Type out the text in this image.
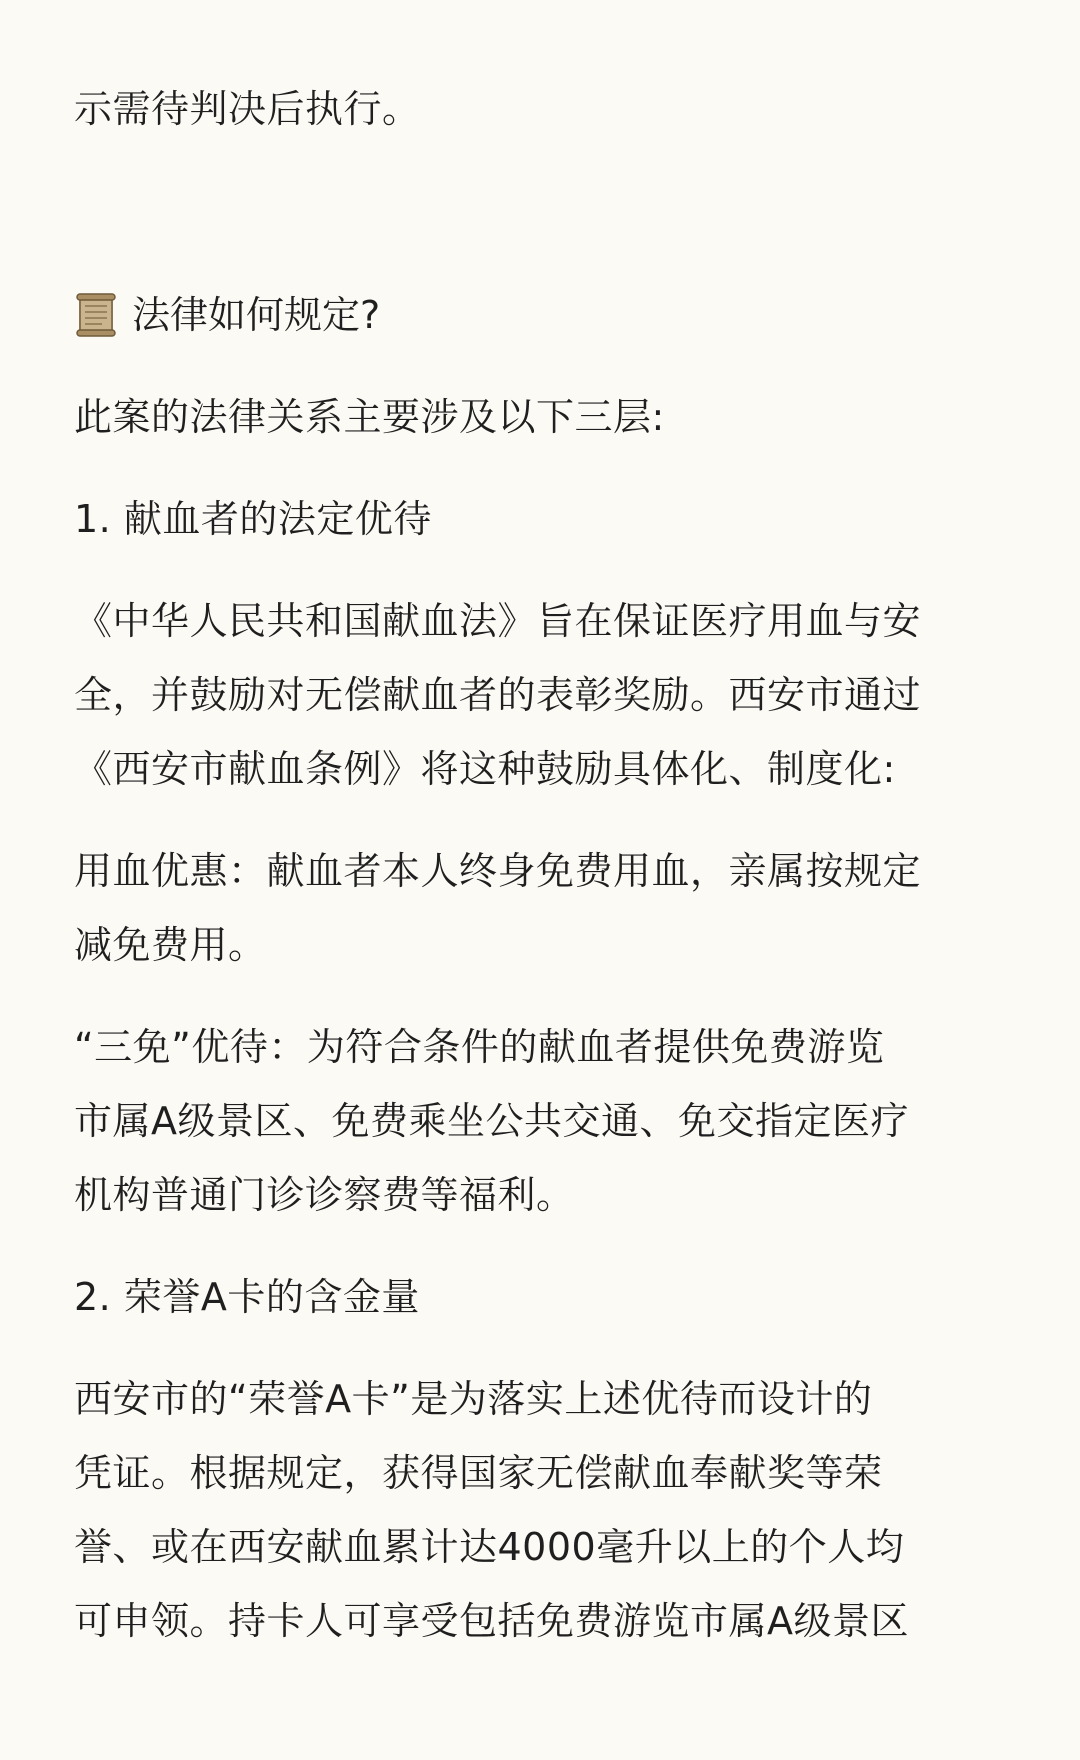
示需待判决后执行。
法律如何规定?
此案的法律关系主要涉及以下三层:
1. 献血者的法定优待
《中华人民共和国献血法》旨在保证医疗用血与安
全，并鼓励对无偿献血者的表彰奖励。西安市通过
《西安市献血条例》将这种鼓励具体化、制度化:
用血优惠：献血者本人终身免费用血，亲属按规定
减免费用。
“三免”优待：为符合条件的献血者提供免费游览
市属A级景区、免费乘坐公共交通、免交指定医疗
机构普通门诊诊察费等福利。
2. 荣誉A卡的含金量
西安市的“荣誉A卡”是为落实上述优待而设计的
凭证。根据规定，获得国家无偿献血奉献奖等荣
誉、或在西安献血累计达4000毫升以上的个人均
可申领。持卡人可享受包括免费游览市属A级景区
